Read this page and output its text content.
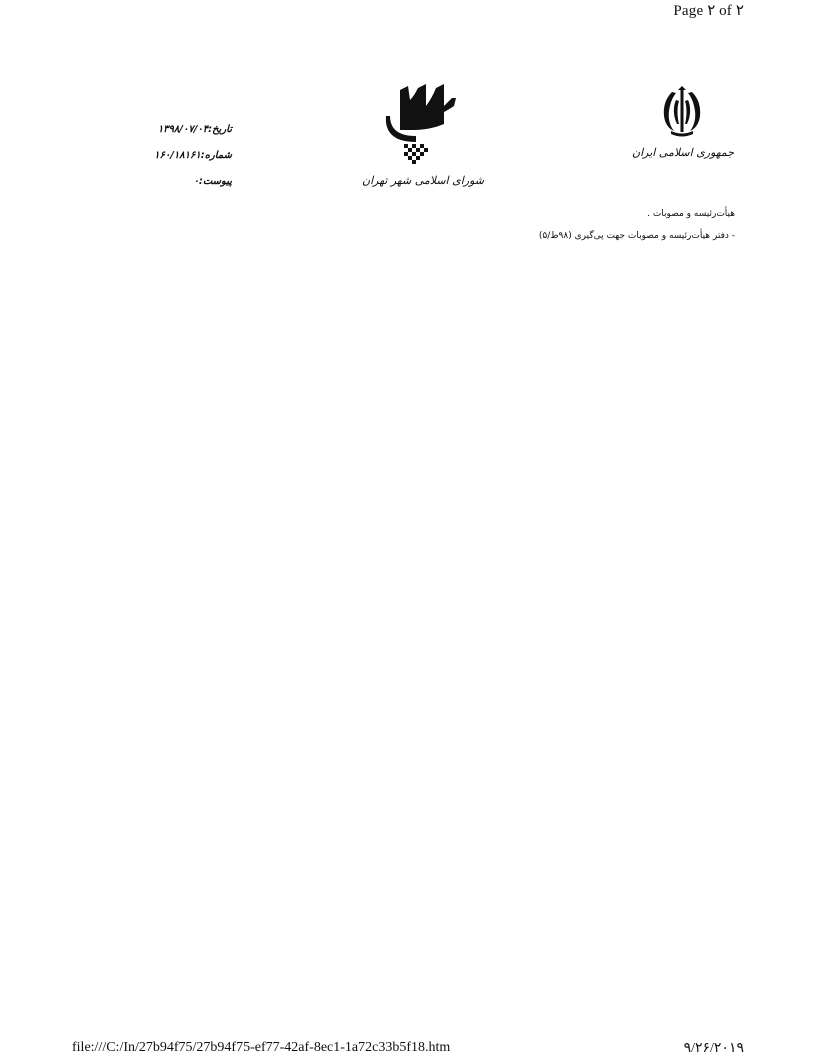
Page ۲ of ۲
جمهوری اسلامی ایران
شورای اسلامی شهر تهران
تاریخ:۱۳۹۸/۰۷/۰۴
شماره:۱۶۰/۱۸۱۶۱
پیوست:۰
هیأت‌رئیسه و مصوبات .
- دفتر هیأت‌رئیسه و مصوبات جهت پی‌گیری (۹۸ط/۵)
file:///C:/In/27b94f75/27b94f75-ef77-42af-8ec1-1a72c33b5f18.htm	۹/۲۶/۲۰۱۹
